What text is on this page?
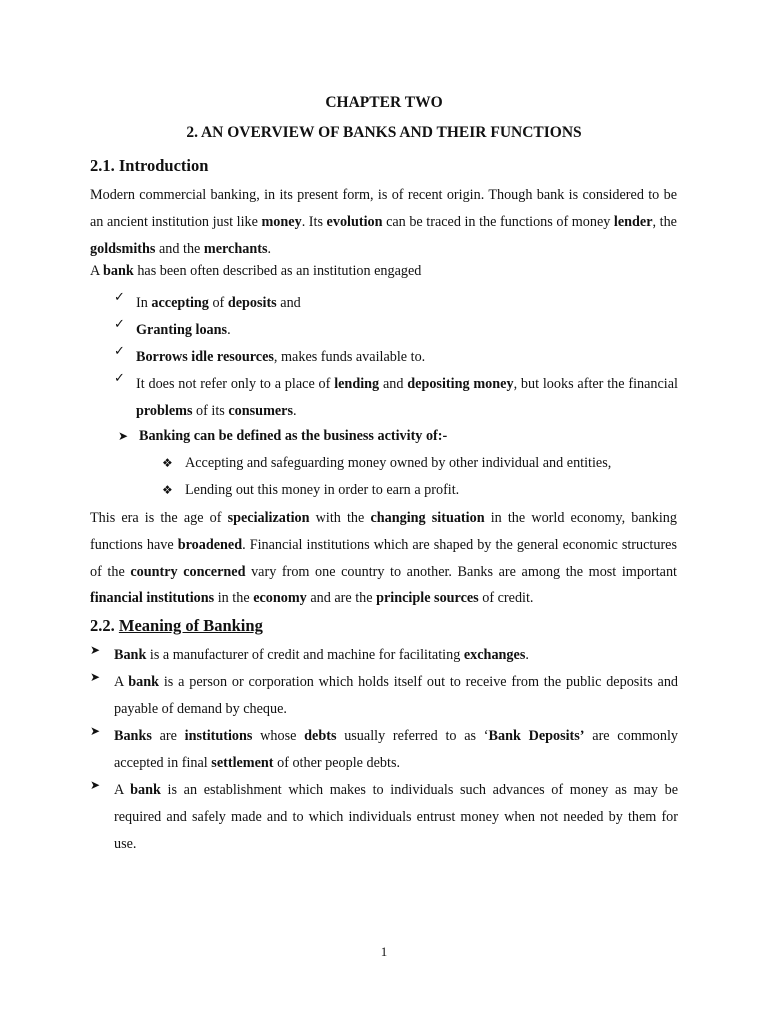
CHAPTER TWO
2. AN OVERVIEW OF BANKS AND THEIR FUNCTIONS
2.1. Introduction
Modern commercial banking, in its present form, is of recent origin. Though bank is considered to be an ancient institution just like money. Its evolution can be traced in the functions of money lender, the goldsmiths and the merchants.
A bank has been often described as an institution engaged
✓ In accepting of deposits and
✓ Granting loans.
✓ Borrows idle resources, makes funds available to.
✓ It does not refer only to a place of lending and depositing money, but looks after the financial problems of its consumers.
➤ Banking can be defined as the business activity of:-
❖ Accepting and safeguarding money owned by other individual and entities,
❖ Lending out this money in order to earn a profit.
This era is the age of specialization with the changing situation in the world economy, banking functions have broadened. Financial institutions which are shaped by the general economic structures of the country concerned vary from one country to another. Banks are among the most important financial institutions in the economy and are the principle sources of credit.
2.2. Meaning of Banking
➤ Bank is a manufacturer of credit and machine for facilitating exchanges.
➤ A bank is a person or corporation which holds itself out to receive from the public deposits and payable of demand by cheque.
➤ Banks are institutions whose debts usually referred to as ‘Bank Deposits’ are commonly accepted in final settlement of other people debts.
➤ A bank is an establishment which makes to individuals such advances of money as may be required and safely made and to which individuals entrust money when not needed by them for use.
1
